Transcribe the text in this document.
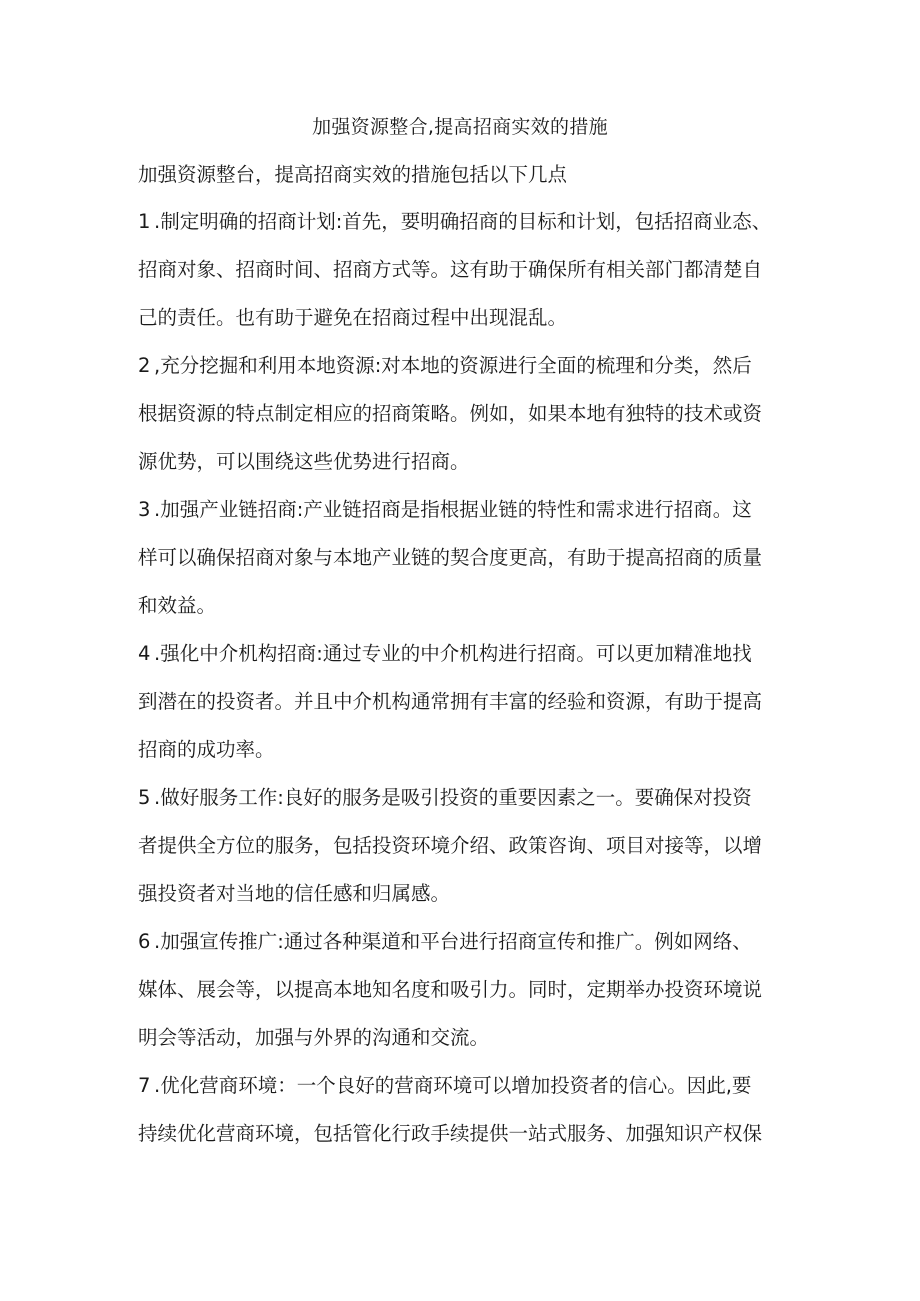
加强资源整合,提高招商实效的措施
加强资源整台，提高招商实效的措施包括以下几点
1 .制定明确的招商计划:首先，要明确招商的目标和计划，包括招商业态、
招商对象、招商时间、招商方式等。这有助于确保所有相关部门都清楚自
己的责任。也有助于避免在招商过程中出现混乱。
2 ,充分挖掘和利用本地资源:对本地的资源进行全面的梳理和分类，然后
根据资源的特点制定相应的招商策略。例如，如果本地有独特的技术或资
源优势，可以围绕这些优势进行招商。
3 .加强产业链招商:产业链招商是指根据业链的特性和需求进行招商。这
样可以确保招商对象与本地产业链的契合度更高，有助于提高招商的质量
和效益。
4 .强化中介机构招商:通过专业的中介机构进行招商。可以更加精准地找
到潜在的投资者。并且中介机构通常拥有丰富的经验和资源，有助于提高
招商的成功率。
5 .做好服务工作:良好的服务是吸引投资的重要因素之一。要确保对投资
者提供全方位的服务，包括投资环境介绍、政策咨询、项目对接等，以增
强投资者对当地的信任感和归属感。
6 .加强宣传推广:通过各种渠道和平台进行招商宣传和推广。例如网络、
媒体、展会等，以提高本地知名度和吸引力。同时，定期举办投资环境说
明会等活动，加强与外界的沟通和交流。
7 .优化营商环境：一个良好的营商环境可以增加投资者的信心。因此,要
持续优化营商环境，包括管化行政手续提供一站式服务、加强知识产权保
